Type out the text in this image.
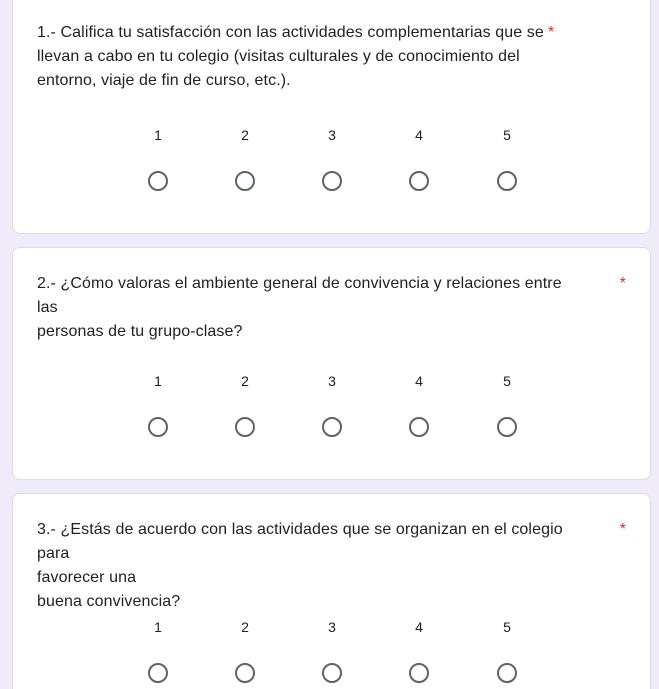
1.- Califica tu satisfacción con las actividades complementarias que se *
llevan a cabo en tu colegio (visitas culturales y de conocimiento del
entorno, viaje de fin de curso, etc.).
1	2	3	4	5
2.- ¿Cómo valoras el ambiente general de convivencia y relaciones entre las
personas de tu grupo-clase?
*
1	2	3	4	5
3.- ¿Estás de acuerdo con las actividades que se organizan en el colegio para
favorecer una
buena convivencia?
*
1	2	3	4	5
